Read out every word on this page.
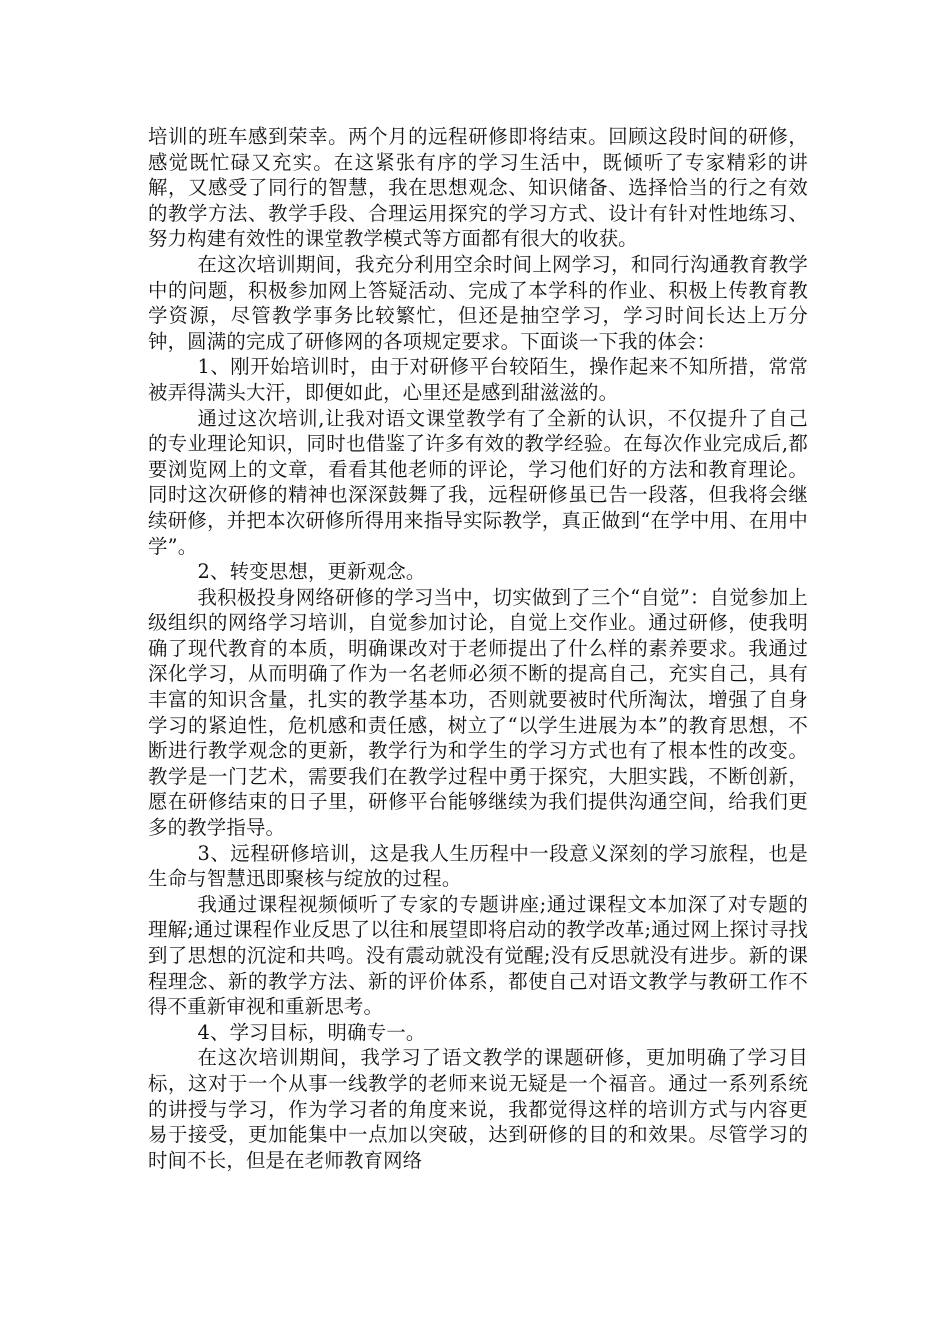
培训的班车感到荣幸。两个月的远程研修即将结束。回顾这段时间的研修，感觉既忙碌又充实。在这紧张有序的学习生活中，既倾听了专家精彩的讲解，又感受了同行的智慧，我在思想观念、知识储备、选择恰当的行之有效的教学方法、教学手段、合理运用探究的学习方式、设计有针对性地练习、努力构建有效性的课堂教学模式等方面都有很大的收获。

在这次培训期间，我充分利用空余时间上网学习，和同行沟通教育教学中的问题，积极参加网上答疑活动、完成了本学科的作业、积极上传教育教学资源，尽管教学事务比较繁忙，但还是抽空学习，学习时间长达上万分钟，圆满的完成了研修网的各项规定要求。下面谈一下我的体会：

1、刚开始培训时，由于对研修平台较陌生，操作起来不知所措，常常被弄得满头大汗，即便如此，心里还是感到甜滋滋的。

通过这次培训,让我对语文课堂教学有了全新的认识，不仅提升了自己的专业理论知识，同时也借鉴了许多有效的教学经验。在每次作业完成后,都要浏览网上的文章，看看其他老师的评论，学习他们好的方法和教育理论。同时这次研修的精神也深深鼓舞了我，远程研修虽已告一段落，但我将会继续研修，并把本次研修所得用来指导实际教学，真正做到“在学中用、在用中学”。

2、转变思想，更新观念。

我积极投身网络研修的学习当中，切实做到了三个“自觉”：自觉参加上级组织的网络学习培训，自觉参加讨论，自觉上交作业。通过研修，使我明确了现代教育的本质，明确课改对于老师提出了什么样的素养要求。我通过深化学习，从而明确了作为一名老师必须不断的提高自己，充实自己，具有丰富的知识含量，扎实的教学基本功，否则就要被时代所淘汰，增强了自身学习的紧迫性，危机感和责任感，树立了“以学生进展为本”的教育思想，不断进行教学观念的更新，教学行为和学生的学习方式也有了根本性的改变。教学是一门艺术，需要我们在教学过程中勇于探究，大胆实践，不断创新，愿在研修结束的日子里，研修平台能够继续为我们提供沟通空间，给我们更多的教学指导。

3、远程研修培训，这是我人生历程中一段意义深刻的学习旅程，也是生命与智慧迅即聚核与绽放的过程。

我通过课程视频倾听了专家的专题讲座;通过课程文本加深了对专题的理解;通过课程作业反思了以往和展望即将启动的教学改革;通过网上探讨寻找到了思想的沉淀和共鸣。没有震动就没有觉醒;没有反思就没有进步。新的课程理念、新的教学方法、新的评价体系，都使自己对语文教学与教研工作不得不重新审视和重新思考。

4、学习目标，明确专一。

在这次培训期间，我学习了语文教学的课题研修，更加明确了学习目标，这对于一个从事一线教学的老师来说无疑是一个福音。通过一系列系统的讲授与学习，作为学习者的角度来说，我都觉得这样的培训方式与内容更易于接受，更加能集中一点加以突破，达到研修的目的和效果。尽管学习的时间不长，但是在老师教育网络
